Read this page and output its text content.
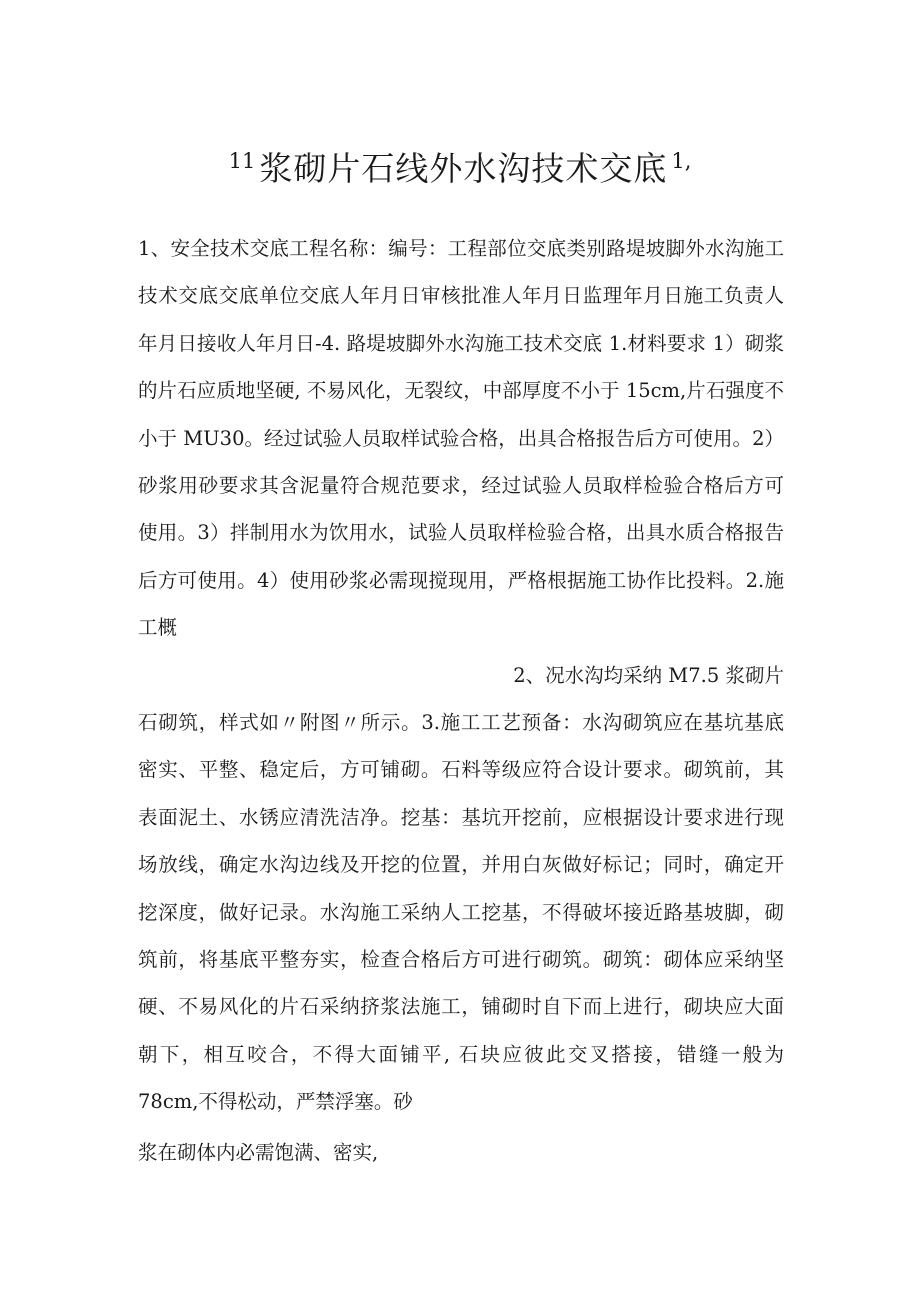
$^{11}$ 浆砌片石线外水沟技术交底 $^{1,}$

1、安全技术交底工程名称：编号：工程部位交底类别路堤坡脚外水沟施工
技术交底交底单位交底人年月日审核批准人年月日监理年月日施工负责人
年月日接收人年月日-4. 路堤坡脚外水沟施工技术交底 1.材料要求 1）砌浆
的片石应质地坚硬, 不易风化，无裂纹，中部厚度不小于 15cm,片石强度不
小于 MU30。经过试验人员取样试验合格，出具合格报告后方可使用。2）
砂浆用砂要求其含泥量符合规范要求，经过试验人员取样检验合格后方可
使用。3）拌制用水为饮用水，试验人员取样检验合格，出具水质合格报告
后方可使用。4）使用砂浆必需现搅现用，严格根据施工协作比投料。2.施
工概

2、况水沟均采纳 M7.5 浆砌片

石砌筑，样式如〃附图〃所示。3.施工工艺预备：水沟砌筑应在基坑基底
密实、平整、稳定后，方可铺砌。石料等级应符合设计要求。砌筑前，其
表面泥土、水锈应清洗洁净。挖基：基坑开挖前，应根据设计要求进行现
场放线，确定水沟边线及开挖的位置，并用白灰做好标记；同时，确定开
挖深度，做好记录。水沟施工采纳人工挖基，不得破坏接近路基坡脚，砌
筑前，将基底平整夯实，检查合格后方可进行砌筑。砌筑：砌体应采纳坚
硬、不易风化的片石采纳挤浆法施工，铺砌时自下而上进行，砌块应大面
朝下，相互咬合，不得大面铺平, 石块应彼此交叉搭接，错缝一般为
78cm,不得松动，严禁浮塞。砂

浆在砌体内必需饱满、密实,
